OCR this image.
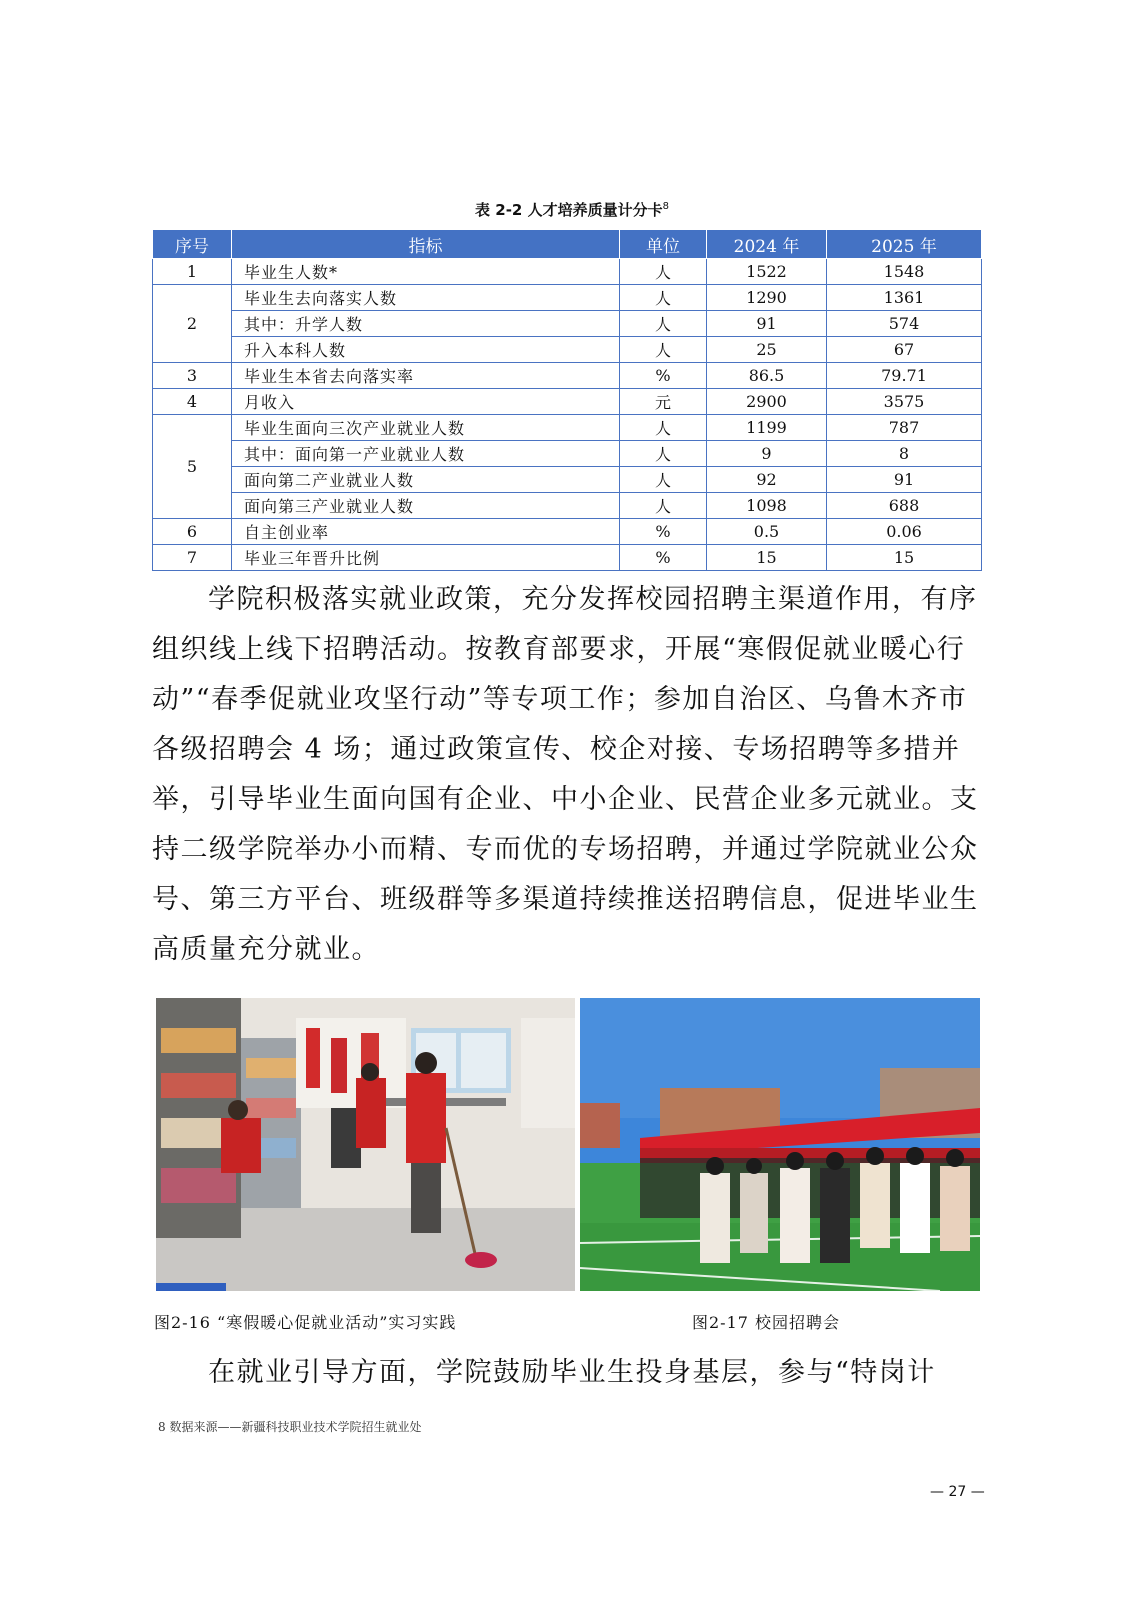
表 2-2 人才培养质量计分卡$^8$
序号	指标	单位	2024 年	2025 年
1	毕业生人数*	人	1522	1548
2	毕业生去向落实人数	人	1290	1361
	其中：升学人数	人	91	574
	升入本科人数	人	25	67
3	毕业生本省去向落实率	%	86.5	79.71
4	月收入	元	2900	3575
5	毕业生面向三次产业就业人数	人	1199	787
	其中：面向第一产业就业人数	人	9	8
	面向第二产业就业人数	人	92	91
	面向第三产业就业人数	人	1098	688
6	自主创业率	%	0.5	0.06
7	毕业三年晋升比例	%	15	15
学院积极落实就业政策，充分发挥校园招聘主渠道作用，有序组织线上线下招聘活动。按教育部要求，开展“寒假促就业暖心行动”“春季促就业攻坚行动”等专项工作；参加自治区、乌鲁木齐市各级招聘会 4 场；通过政策宣传、校企对接、专场招聘等多措并举，引导毕业生面向国有企业、中小企业、民营企业多元就业。支持二级学院举办小而精、专而优的专场招聘，并通过学院就业公众号、第三方平台、班级群等多渠道持续推送招聘信息，促进毕业生高质量充分就业。
图2-16 “寒假暖心促就业活动”实习实践	图2-17 校园招聘会
在就业引导方面，学院鼓励毕业生投身基层，参与“特岗计
8 数据来源——新疆科技职业技术学院招生就业处
— 27 —
